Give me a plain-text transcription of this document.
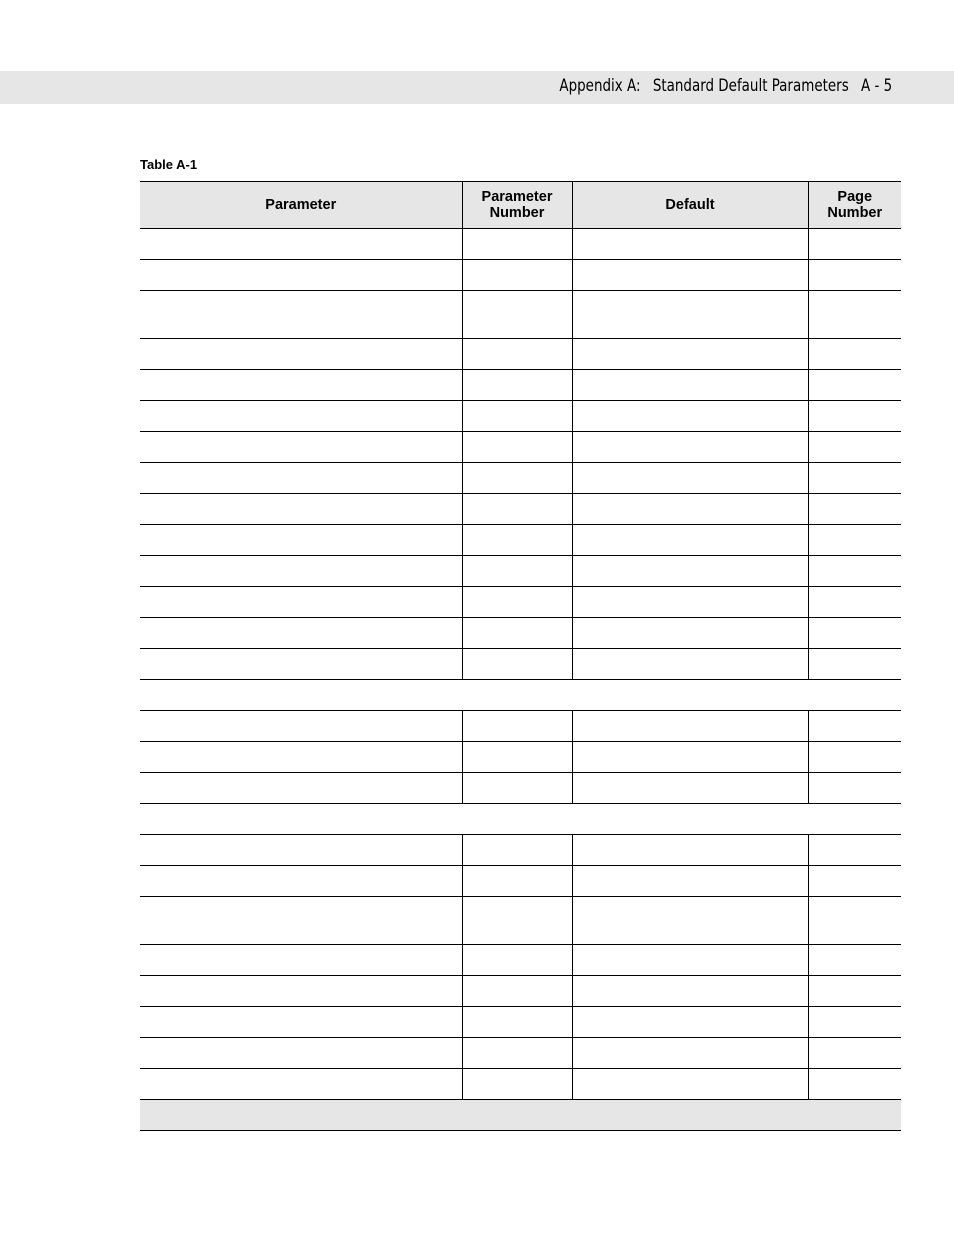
Appendix A: Standard Default Parameters A - 5
Table A-1
Parameter	Parameter Number	Default	Page Number
